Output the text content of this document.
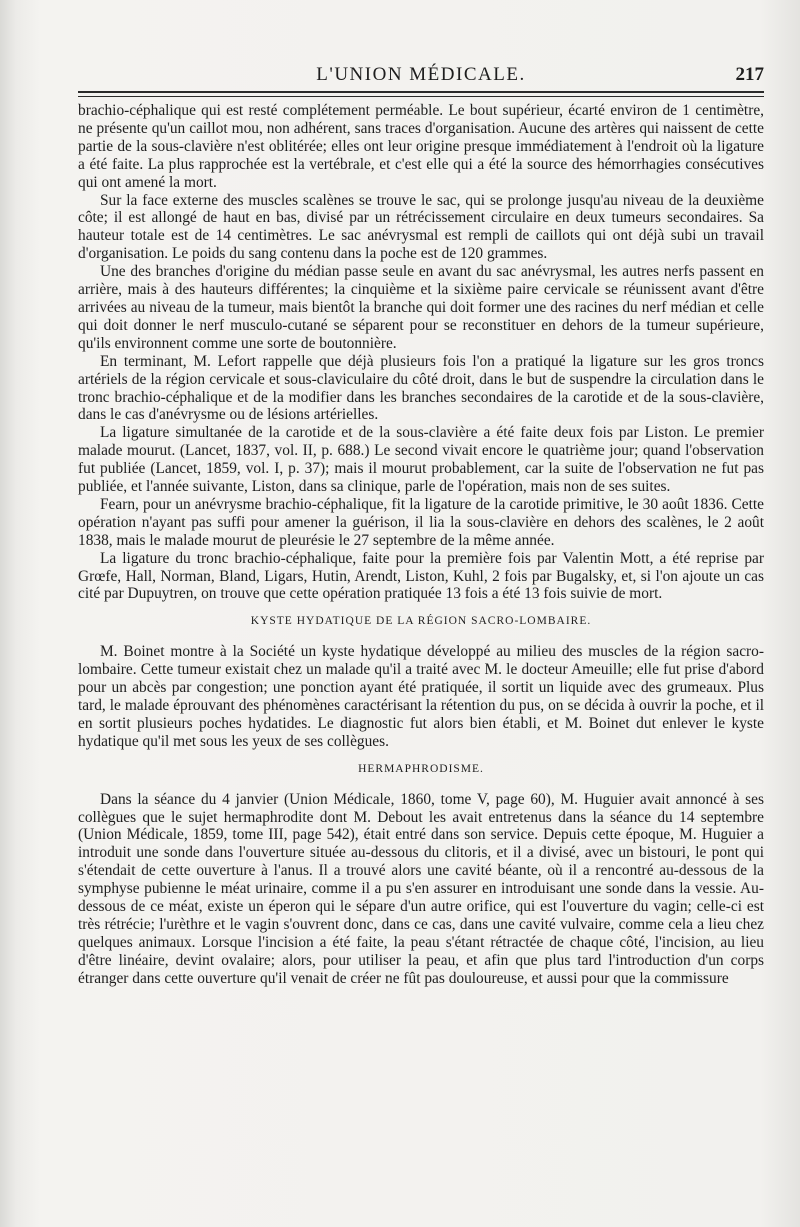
L'UNION MÉDICALE.	217

brachio-céphalique qui est resté complétement perméable. Le bout supérieur, écarté environ de 1 centimètre, ne présente qu'un caillot mou, non adhérent, sans traces d'organisation. Aucune des artères qui naissent de cette partie de la sous-clavière n'est oblitérée; elles ont leur origine presque immédiatement à l'endroit où la ligature a été faite. La plus rapprochée est la vertébrale, et c'est elle qui a été la source des hémorrhagies consécutives qui ont amené la mort.

Sur la face externe des muscles scalènes se trouve le sac, qui se prolonge jusqu'au niveau de la deuxième côte; il est allongé de haut en bas, divisé par un rétrécissement circulaire en deux tumeurs secondaires. Sa hauteur totale est de 14 centimètres. Le sac anévrysmal est rempli de caillots qui ont déjà subi un travail d'organisation. Le poids du sang contenu dans la poche est de 120 grammes.

Une des branches d'origine du médian passe seule en avant du sac anévrysmal, les autres nerfs passent en arrière, mais à des hauteurs différentes; la cinquième et la sixième paire cervicale se réunissent avant d'être arrivées au niveau de la tumeur, mais bientôt la branche qui doit former une des racines du nerf médian et celle qui doit donner le nerf musculo-cutané se séparent pour se reconstituer en dehors de la tumeur supérieure, qu'ils environnent comme une sorte de boutonnière.

En terminant, M. Lefort rappelle que déjà plusieurs fois l'on a pratiqué la ligature sur les gros troncs artériels de la région cervicale et sous-claviculaire du côté droit, dans le but de suspendre la circulation dans le tronc brachio-céphalique et de la modifier dans les branches secondaires de la carotide et de la sous-clavière, dans le cas d'anévrysme ou de lésions artérielles.

La ligature simultanée de la carotide et de la sous-clavière a été faite deux fois par Liston. Le premier malade mourut. (Lancet, 1837, vol. II, p. 688.) Le second vivait encore le quatrième jour; quand l'observation fut publiée (Lancet, 1859, vol. I, p. 37); mais il mourut probablement, car la suite de l'observation ne fut pas publiée, et l'année suivante, Liston, dans sa clinique, parle de l'opération, mais non de ses suites.

Fearn, pour un anévrysme brachio-céphalique, fit la ligature de la carotide primitive, le 30 août 1836. Cette opération n'ayant pas suffi pour amener la guérison, il lia la sous-clavière en dehors des scalènes, le 2 août 1838, mais le malade mourut de pleurésie le 27 septembre de la même année.

La ligature du tronc brachio-céphalique, faite pour la première fois par Valentin Mott, a été reprise par Grœfe, Hall, Norman, Bland, Ligars, Hutin, Arendt, Liston, Kuhl, 2 fois par Bugalsky, et, si l'on ajoute un cas cité par Dupuytren, on trouve que cette opération pratiquée 13 fois a été 13 fois suivie de mort.

KYSTE HYDATIQUE DE LA RÉGION SACRO-LOMBAIRE.

M. Boinet montre à la Société un kyste hydatique développé au milieu des muscles de la région sacro-lombaire. Cette tumeur existait chez un malade qu'il a traité avec M. le docteur Ameuille; elle fut prise d'abord pour un abcès par congestion; une ponction ayant été pratiquée, il sortit un liquide avec des grumeaux. Plus tard, le malade éprouvant des phénomènes caractérisant la rétention du pus, on se décida à ouvrir la poche, et il en sortit plusieurs poches hydatides. Le diagnostic fut alors bien établi, et M. Boinet dut enlever le kyste hydatique qu'il met sous les yeux de ses collègues.

HERMAPHRODISME.

Dans la séance du 4 janvier (Union Médicale, 1860, tome V, page 60), M. Huguier avait annoncé à ses collègues que le sujet hermaphrodite dont M. Debout les avait entretenus dans la séance du 14 septembre (Union Médicale, 1859, tome III, page 542), était entré dans son service. Depuis cette époque, M. Huguier a introduit une sonde dans l'ouverture située au-dessous du clitoris, et il a divisé, avec un bistouri, le pont qui s'étendait de cette ouverture à l'anus. Il a trouvé alors une cavité béante, où il a rencontré au-dessous de la symphyse pubienne le méat urinaire, comme il a pu s'en assurer en introduisant une sonde dans la vessie. Au-dessous de ce méat, existe un éperon qui le sépare d'un autre orifice, qui est l'ouverture du vagin; celle-ci est très rétrécie; l'urèthre et le vagin s'ouvrent donc, dans ce cas, dans une cavité vulvaire, comme cela a lieu chez quelques animaux. Lorsque l'incision a été faite, la peau s'étant rétractée de chaque côté, l'incision, au lieu d'être linéaire, devint ovalaire; alors, pour utiliser la peau, et afin que plus tard l'introduction d'un corps étranger dans cette ouverture qu'il venait de créer ne fût pas douloureuse, et aussi pour que la commissure
